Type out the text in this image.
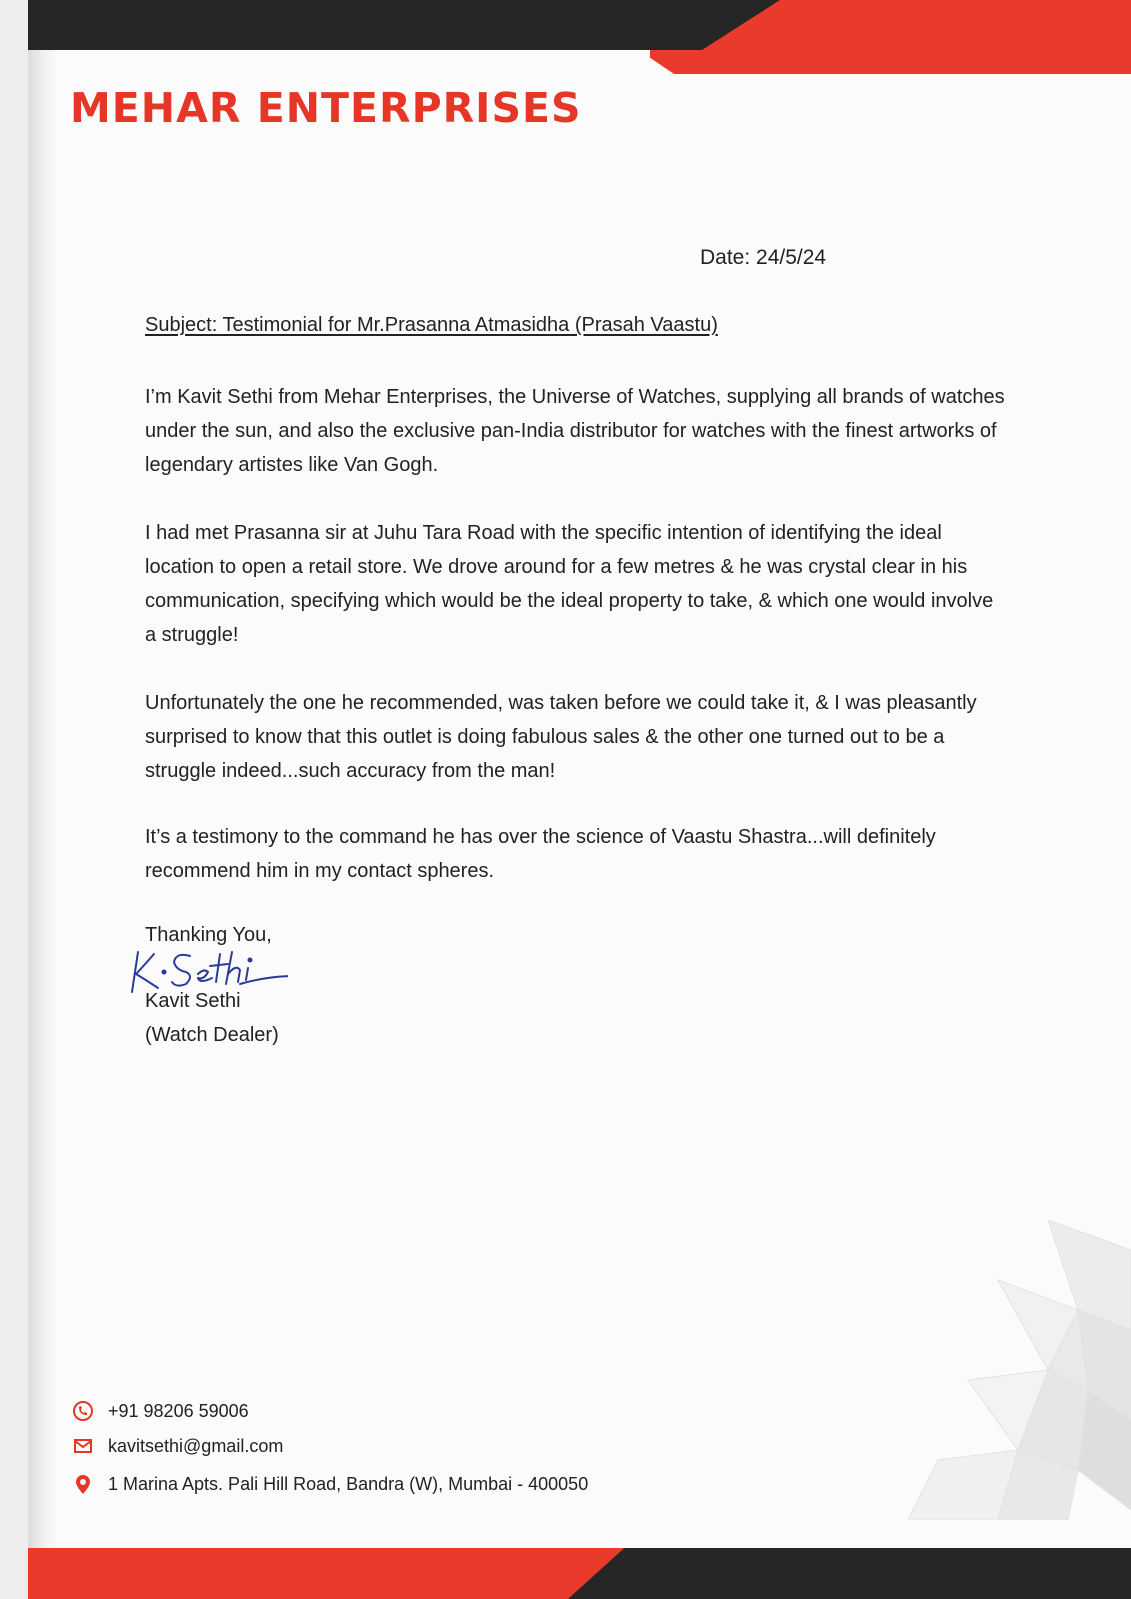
MEHAR ENTERPRISES
Date: 24/5/24
Subject: Testimonial for Mr.Prasanna Atmasidha (Prasah Vaastu)

I’m Kavit Sethi from Mehar Enterprises, the Universe of Watches, supplying all brands of watches under the sun, and also the exclusive pan-India distributor for watches with the finest artworks of legendary artistes like Van Gogh.

I had met Prasanna sir at Juhu Tara Road with the specific intention of identifying the ideal location to open a retail store. We drove around for a few metres & he was crystal clear in his communication, specifying which would be the ideal property to take, & which one would involve a struggle!

Unfortunately the one he recommended, was taken before we could take it, & I was pleasantly surprised to know that this outlet is doing fabulous sales & the other one turned out to be a struggle indeed...such accuracy from the man!

It’s a testimony to the command he has over the science of Vaastu Shastra...will definitely recommend him in my contact spheres.

Thanking You,
Kavit Sethi
(Watch Dealer)
+91 98206 59006
kavitsethi@gmail.com
1 Marina Apts. Pali Hill Road, Bandra (W), Mumbai - 400050
